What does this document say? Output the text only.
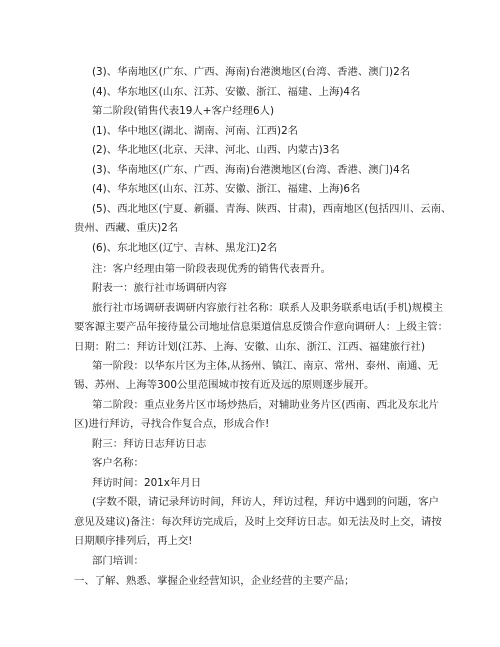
(3)、华南地区(广东、广西、海南)台港澳地区(台湾、香港、澳门)2名
(4)、华东地区(山东、江苏、安徽、浙江、福建、上海)4名
第二阶段(销售代表19人+客户经理6人)
(1)、华中地区(湖北、湖南、河南、江西)2名
(2)、华北地区(北京、天津、河北、山西、内蒙古)3名
(3)、华南地区(广东、广西、海南)台港澳地区(台湾、香港、澳门)4名
(4)、华东地区(山东、江苏、安徽、浙江、福建、上海)6名
(5)、西北地区(宁夏、新疆、青海、陕西、甘肃)，西南地区(包括四川、云南、
贵州、西藏、重庆)2名
(6)、东北地区(辽宁、吉林、黑龙江)2名
注：客户经理由第一阶段表现优秀的销售代表晋升。
附表一：旅行社市场调研内容
旅行社市场调研表调研内容旅行社名称：联系人及职务联系电话(手机)规模主
要客源主要产品年接待量公司地址信息渠道信息反馈合作意向调研人：上级主管：
日期：附二：拜访计划(江苏、上海、安徽、山东、浙江、江西、福建旅行社)
第一阶段：以华东片区为主体,从扬州、镇江、南京、常州、泰州、南通、无
锡、苏州、上海等300公里范围城市按有近及远的原则逐步展开。
第二阶段：重点业务片区市场炒热后，对辅助业务片区(西南、西北及东北片
区)进行拜访，寻找合作复合点，形成合作!
附三：拜访日志拜访日志
客户名称：
拜访时间：201x年月日
(字数不限，请记录拜访时间，拜访人，拜访过程，拜访中遇到的问题，客户
意见及建议)备注：每次拜访完成后，及时上交拜访日志。如无法及时上交，请按
日期顺序排列后，再上交!
部门培训：
一、了解、熟悉、掌握企业经营知识，企业经营的主要产品；
